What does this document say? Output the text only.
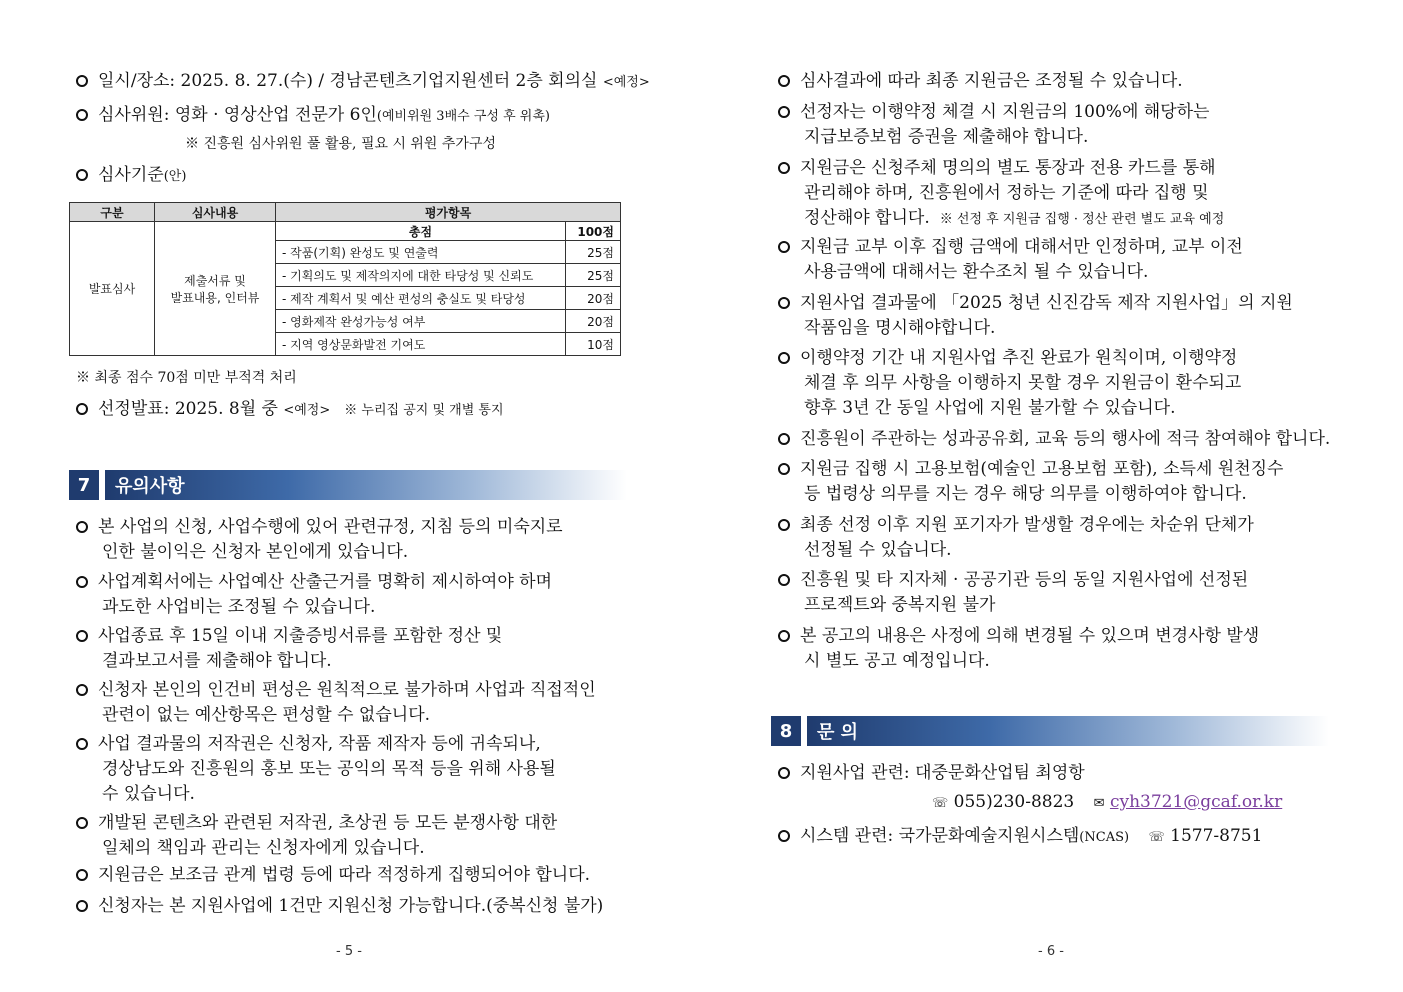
일시/장소: 2025. 8. 27.(수) / 경남콘텐츠기업지원센터 2층 회의실 <예정>
심사위원: 영화 · 영상산업 전문가 6인(예비위원 3배수 구성 후 위촉)
※ 진흥원 심사위원 풀 활용, 필요 시 위원 추가구성
심사기준(안)
구분	심사내용	평가항목	
발표심사	제출서류 및
발표내용, 인터뷰	총점	100점
		- 작품(기획) 완성도 및 연출력	25점
		- 기획의도 및 제작의지에 대한 타당성 및 신뢰도	25점
		- 제작 계획서 및 예산 편성의 충실도 및 타당성	20점
		- 영화제작 완성가능성 여부	20점
		- 지역 영상문화발전 기여도	10점
※ 최종 점수 70점 미만 부적격 처리
선정발표: 2025. 8월 중 <예정> ※ 누리집 공지 및 개별 통지
7	유의사항
본 사업의 신청, 사업수행에 있어 관련규정, 지침 등의 미숙지로
인한 불이익은 신청자 본인에게 있습니다.
사업계획서에는 사업예산 산출근거를 명확히 제시하여야 하며
과도한 사업비는 조정될 수 있습니다.
사업종료 후 15일 이내 지출증빙서류를 포함한 정산 및
결과보고서를 제출해야 합니다.
신청자 본인의 인건비 편성은 원칙적으로 불가하며 사업과 직접적인
관련이 없는 예산항목은 편성할 수 없습니다.
사업 결과물의 저작권은 신청자, 작품 제작자 등에 귀속되나,
경상남도와 진흥원의 홍보 또는 공익의 목적 등을 위해 사용될
수 있습니다.
개발된 콘텐츠와 관련된 저작권, 초상권 등 모든 분쟁사항 대한
일체의 책임과 관리는 신청자에게 있습니다.
지원금은 보조금 관계 법령 등에 따라 적정하게 집행되어야 합니다.
신청자는 본 지원사업에 1건만 지원신청 가능합니다.(중복신청 불가)
- 5 -
심사결과에 따라 최종 지원금은 조정될 수 있습니다.
선정자는 이행약정 체결 시 지원금의 100%에 해당하는
지급보증보험 증권을 제출해야 합니다.
지원금은 신청주체 명의의 별도 통장과 전용 카드를 통해
관리해야 하며, 진흥원에서 정하는 기준에 따라 집행 및
정산해야 합니다. ※ 선정 후 지원금 집행 · 정산 관련 별도 교육 예정
지원금 교부 이후 집행 금액에 대해서만 인정하며, 교부 이전
사용금액에 대해서는 환수조치 될 수 있습니다.
지원사업 결과물에 「2025 청년 신진감독 제작 지원사업」의 지원
작품임을 명시해야합니다.
이행약정 기간 내 지원사업 추진 완료가 원칙이며, 이행약정
체결 후 의무 사항을 이행하지 못할 경우 지원금이 환수되고
향후 3년 간 동일 사업에 지원 불가할 수 있습니다.
진흥원이 주관하는 성과공유회, 교육 등의 행사에 적극 참여해야 합니다.
지원금 집행 시 고용보험(예술인 고용보험 포함), 소득세 원천징수
등 법령상 의무를 지는 경우 해당 의무를 이행하여야 합니다.
최종 선정 이후 지원 포기자가 발생할 경우에는 차순위 단체가
선정될 수 있습니다.
진흥원 및 타 지자체 · 공공기관 등의 동일 지원사업에 선정된
프로젝트와 중복지원 불가
본 공고의 내용은 사정에 의해 변경될 수 있으며 변경사항 발생
시 별도 공고 예정입니다.
8	문 의
지원사업 관련: 대중문화산업팀 최영항
☏ 055)230-8823 ✉ cyh3721@gcaf.or.kr
시스템 관련: 국가문화예술지원시스템(NCAS) ☏ 1577-8751
- 6 -
